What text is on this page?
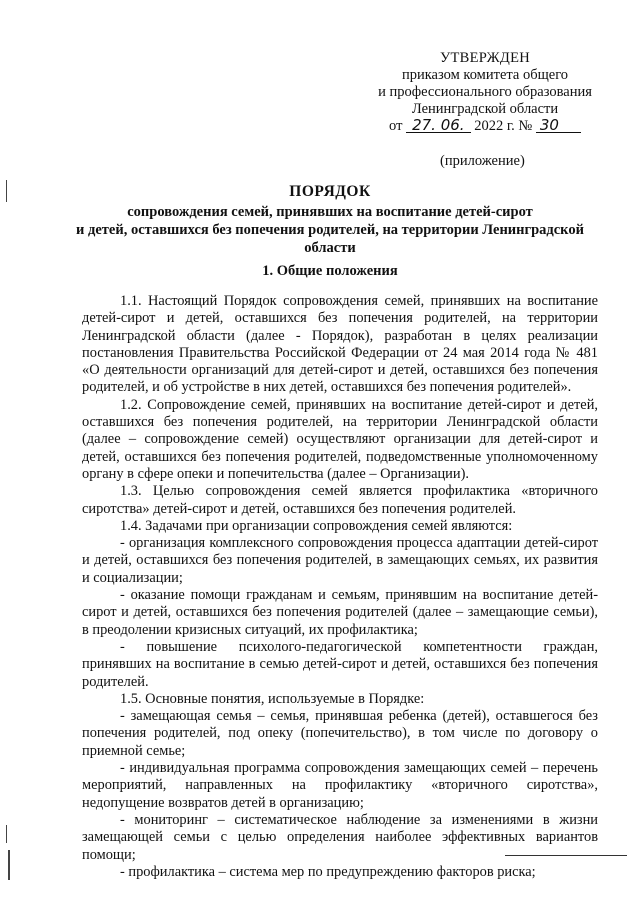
УТВЕРЖДЕН
приказом комитета общего
и профессионального образования
Ленинградской области
от 27. 06. 2022 г. № 30
(приложение)
ПОРЯДОК
сопровождения семей, принявших на воспитание детей-сирот
и детей, оставшихся без попечения родителей, на территории Ленинградской
области
1. Общие положения

1.1. Настоящий Порядок сопровождения семей, принявших на воспитание детей-сирот и детей, оставшихся без попечения родителей, на территории Ленинградской области (далее - Порядок), разработан в целях реализации постановления Правительства Российской Федерации от 24 мая 2014 года № 481 «О деятельности организаций для детей-сирот и детей, оставшихся без попечения родителей, и об устройстве в них детей, оставшихся без попечения родителей».

1.2. Сопровождение семей, принявших на воспитание детей-сирот и детей, оставшихся без попечения родителей, на территории Ленинградской области (далее – сопровождение семей) осуществляют организации для детей-сирот и детей, оставшихся без попечения родителей, подведомственные уполномоченному органу в сфере опеки и попечительства (далее – Организации).

1.3. Целью сопровождения семей является профилактика «вторичного сиротства» детей-сирот и детей, оставшихся без попечения родителей.

1.4. Задачами при организации сопровождения семей являются:

- организация комплексного сопровождения процесса адаптации детей-сирот и детей, оставшихся без попечения родителей, в замещающих семьях, их развития и социализации;

- оказание помощи гражданам и семьям, принявшим на воспитание детей-сирот и детей, оставшихся без попечения родителей (далее – замещающие семьи), в преодолении кризисных ситуаций, их профилактика;

- повышение психолого-педагогической компетентности граждан, принявших на воспитание в семью детей-сирот и детей, оставшихся без попечения родителей.

1.5. Основные понятия, используемые в Порядке:

- замещающая семья – семья, принявшая ребенка (детей), оставшегося без попечения родителей, под опеку (попечительство), в том числе по договору о приемной семье;

- индивидуальная программа сопровождения замещающих семей – перечень мероприятий, направленных на профилактику «вторичного сиротства», недопущение возвратов детей в организацию;

- мониторинг – систематическое наблюдение за изменениями в жизни замещающей семьи с целью определения наиболее эффективных вариантов помощи;

- профилактика – система мер по предупреждению факторов риска;
